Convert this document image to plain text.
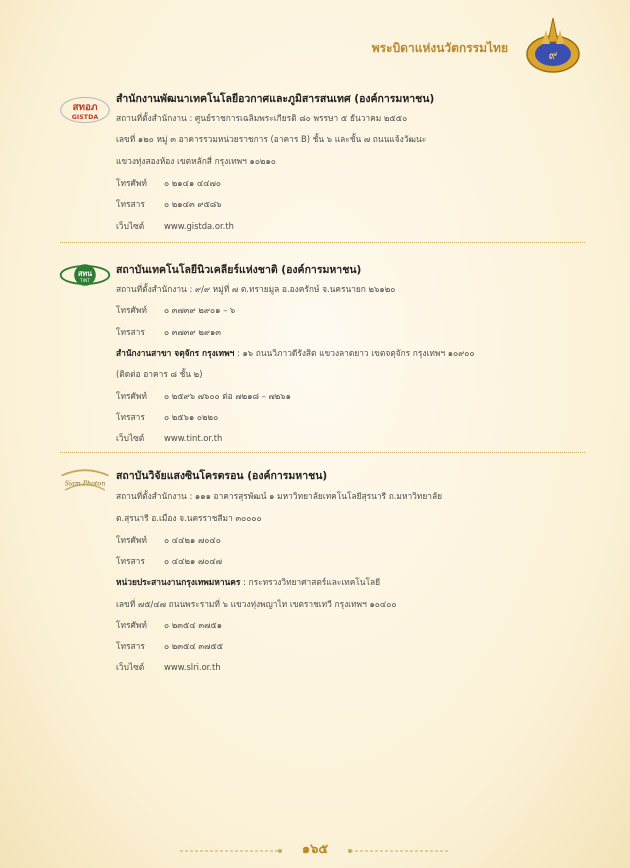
พระบิดาแห่งนวัตกรรมไทย	๙
สทอภ
GISTDA
สำนักงานพัฒนาเทคโนโลยีอวกาศและภูมิสารสนเทศ (องค์การมหาชน)
สถานที่ตั้งสำนักงาน : ศูนย์ราชการเฉลิมพระเกียรติ ๘๐ พรรษา ๕ ธันวาคม ๒๕๕๐
เลขที่ ๑๒๐ หมู่ ๓ อาคารรวมหน่วยราชการ (อาคาร B) ชั้น ๖ และชั้น ๗ ถนนแจ้งวัฒนะ
แขวงทุ่งสองห้อง เขตหลักสี่ กรุงเทพฯ ๑๐๒๑๐
โทรศัพท์ ๐ ๒๑๔๑ ๔๔๗๐
โทรสาร ๐ ๒๑๔๓ ๙๕๘๖
เว็บไซต์ www.gistda.or.th
สทน
TINT
สถาบันเทคโนโลยีนิวเคลียร์แห่งชาติ (องค์การมหาชน)
สถานที่ตั้งสำนักงาน : ๙/๙ หมู่ที่ ๗ ต.ทรายมูล อ.องครักษ์ จ.นครนายก ๒๖๑๒๐
โทรศัพท์ ๐ ๓๗๓๙ ๒๙๐๑ – ๖
โทรสาร ๐ ๓๗๓๙ ๒๙๑๓
สำนักงานสาขา จตุจักร กรุงเทพฯ : ๑๖ ถนนวิภาวดีรังสิต แขวงลาดยาว เขตจตุจักร กรุงเทพฯ ๑๐๙๐๐
(ติดต่อ อาคาร ๘ ชั้น ๒)
โทรศัพท์ ๐ ๒๕๙๖ ๗๖๐๐ ต่อ ๗๒๑๘ – ๗๒๖๑
โทรสาร ๐ ๒๕๖๑ ๐๒๒๐
เว็บไซต์ www.tint.or.th
Siam Photon
สถาบันวิจัยแสงซินโครตรอน (องค์การมหาชน)
สถานที่ตั้งสำนักงาน : ๑๑๑ อาคารสุรพัฒน์ ๑ มหาวิทยาลัยเทคโนโลยีสุรนารี ถ.มหาวิทยาลัย
ต.สุรนารี อ.เมือง จ.นครราชสีมา ๓๐๐๐๐
โทรศัพท์ ๐ ๔๔๒๑ ๗๐๔๐
โทรสาร ๐ ๔๔๒๑ ๗๐๔๗
หน่วยประสานงานกรุงเทพมหานคร : กระทรวงวิทยาศาสตร์และเทคโนโลยี
เลขที่ ๗๕/๔๗ ถนนพระรามที่ ๖ แขวงทุ่งพญาไท เขตราชเทวี กรุงเทพฯ ๑๐๔๐๐
โทรศัพท์ ๐ ๒๓๕๔ ๓๗๕๑
โทรสาร ๐ ๒๓๕๔ ๓๗๕๕
เว็บไซต์ www.slri.or.th
๑๖๕
